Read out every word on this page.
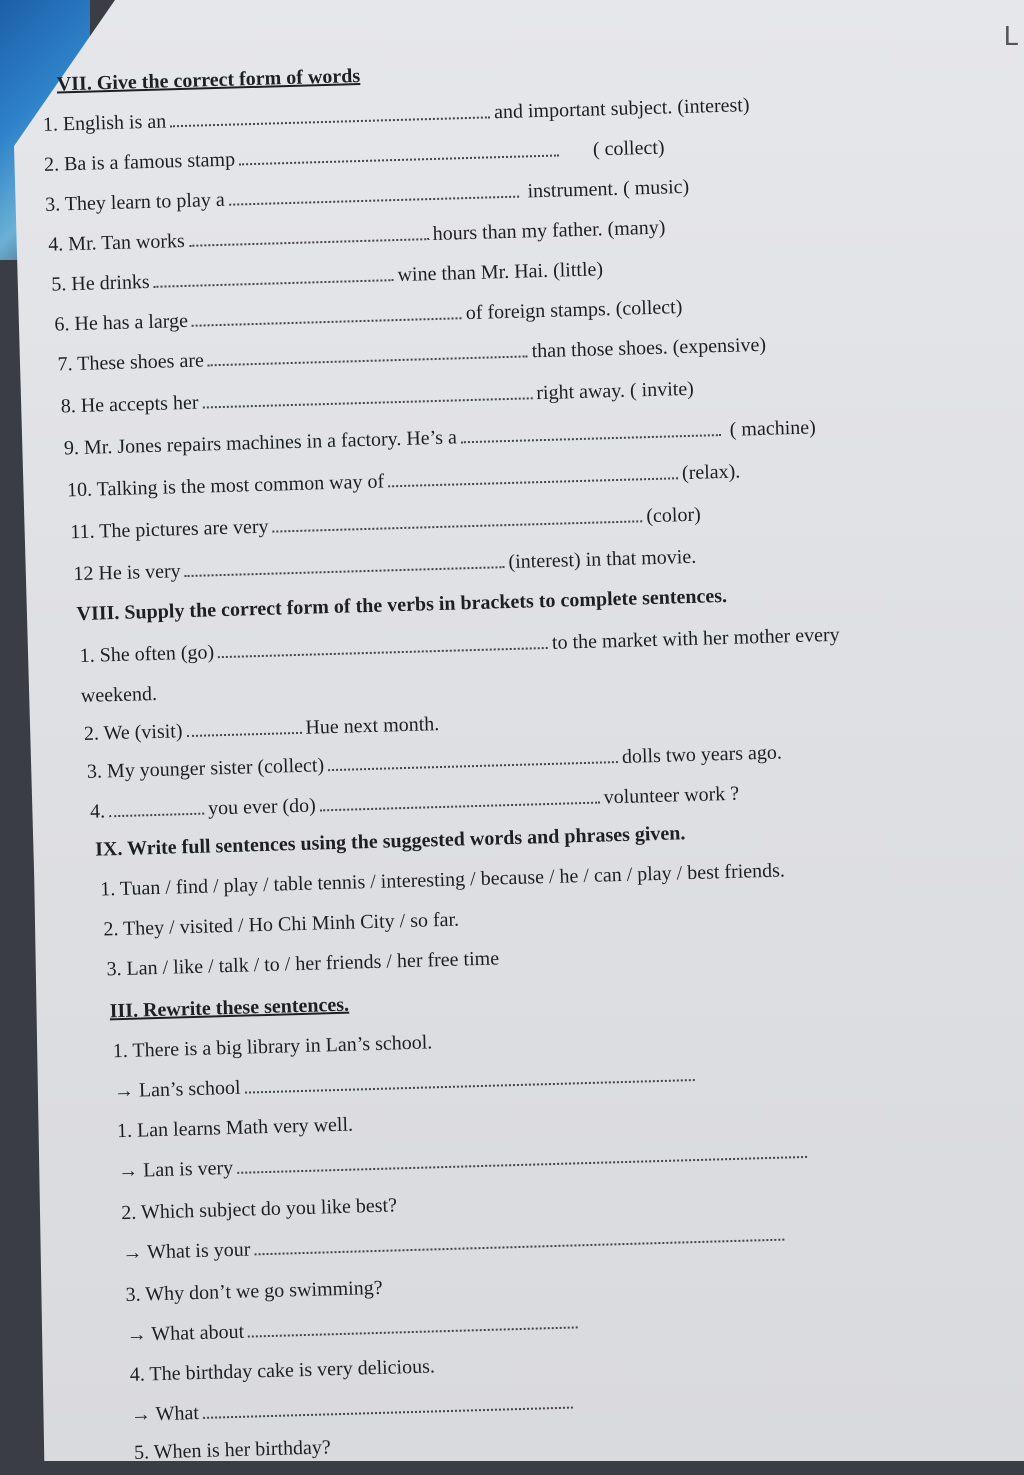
L
VII. Give the correct form of words
1. English is an	and important subject. (interest)
2. Ba is a famous stamp      ( collect)
3. They learn to play a	instrument. ( music)
4. Mr. Tan works	hours than my father. (many)
5. He drinks	wine than Mr. Hai. (little)
6. He has a large	of foreign stamps. (collect)
7. These shoes arethan those shoes. (expensive)
8. He accepts herright away. ( invite)
9. Mr. Jones repairs machines in a factory. He’s a	( machine)
10. Talking is the most common way of	(relax).
11. The pictures are very(color)
12 He is very	(interest) in that movie.
VIII. Supply the correct form of the verbs in brackets to complete sentences.
1. She often (go)to the market with her mother every
weekend.
2. We (visit)	Hue next month.
3. My younger sister (collect)	dolls two years ago.
4.	you ever (do)	volunteer work ?
IX. Write full sentences using the suggested words and phrases given.
1. Tuan / find / play / table tennis / interesting / because / he / can / play / best friends.
2. They / visited / Ho Chi Minh City / so far.
3. Lan / like / talk / to / her friends / her free time
III. Rewrite these sentences.
1. There is a big library in Lan’s school.
→ Lan’s school
1. Lan learns Math very well.
→ Lan is very
2. Which subject do you like best?
→ What is your
3. Why don’t we go swimming?
→ What about
4. The birthday cake is very delicious.
→ What
5. When is her birthday?
